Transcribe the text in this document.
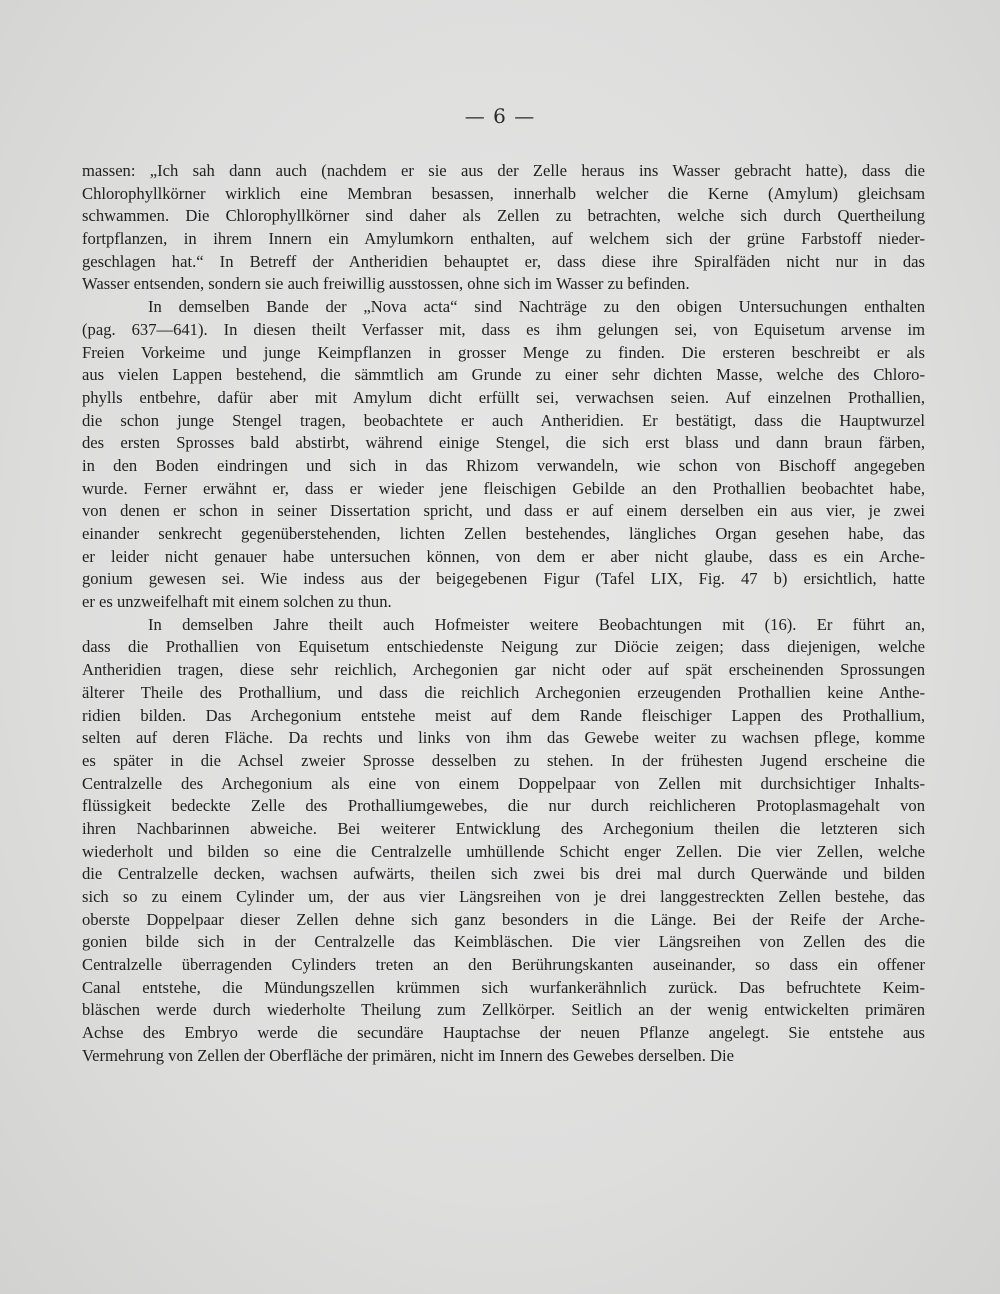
— 6 —
massen: „Ich sah dann auch (nachdem er sie aus der Zelle heraus ins Wasser gebracht hatte), dass die
Chlorophyllkörner wirklich eine Membran besassen, innerhalb welcher die Kerne (Amylum) gleichsam
schwammen. Die Chlorophyllkörner sind daher als Zellen zu betrachten, welche sich durch Quertheilung
fortpflanzen, in ihrem Innern ein Amylumkorn enthalten, auf welchem sich der grüne Farbstoff nieder-
geschlagen hat.“ In Betreff der Antheridien behauptet er, dass diese ihre Spiralfäden nicht nur in das
Wasser entsenden, sondern sie auch freiwillig ausstossen, ohne sich im Wasser zu befinden.
In demselben Bande der „Nova acta“ sind Nachträge zu den obigen Untersuchungen enthalten
(pag. 637—641). In diesen theilt Verfasser mit, dass es ihm gelungen sei, von Equisetum arvense im
Freien Vorkeime und junge Keimpflanzen in grosser Menge zu finden. Die ersteren beschreibt er als
aus vielen Lappen bestehend, die sämmtlich am Grunde zu einer sehr dichten Masse, welche des Chloro-
phylls entbehre, dafür aber mit Amylum dicht erfüllt sei, verwachsen seien. Auf einzelnen Prothallien,
die schon junge Stengel tragen, beobachtete er auch Antheridien. Er bestätigt, dass die Hauptwurzel
des ersten Sprosses bald abstirbt, während einige Stengel, die sich erst blass und dann braun färben,
in den Boden eindringen und sich in das Rhizom verwandeln, wie schon von Bischoff angegeben
wurde. Ferner erwähnt er, dass er wieder jene fleischigen Gebilde an den Prothallien beobachtet habe,
von denen er schon in seiner Dissertation spricht, und dass er auf einem derselben ein aus vier, je zwei
einander senkrecht gegenüberstehenden, lichten Zellen bestehendes, längliches Organ gesehen habe, das
er leider nicht genauer habe untersuchen können, von dem er aber nicht glaube, dass es ein Arche-
gonium gewesen sei. Wie indess aus der beigegebenen Figur (Tafel LIX, Fig. 47 b) ersichtlich, hatte
er es unzweifelhaft mit einem solchen zu thun.
In demselben Jahre theilt auch Hofmeister weitere Beobachtungen mit (16). Er führt an,
dass die Prothallien von Equisetum entschiedenste Neigung zur Diöcie zeigen; dass diejenigen, welche
Antheridien tragen, diese sehr reichlich, Archegonien gar nicht oder auf spät erscheinenden Sprossungen
älterer Theile des Prothallium, und dass die reichlich Archegonien erzeugenden Prothallien keine Anthe-
ridien bilden. Das Archegonium entstehe meist auf dem Rande fleischiger Lappen des Prothallium,
selten auf deren Fläche. Da rechts und links von ihm das Gewebe weiter zu wachsen pflege, komme
es später in die Achsel zweier Sprosse desselben zu stehen. In der frühesten Jugend erscheine die
Centralzelle des Archegonium als eine von einem Doppelpaar von Zellen mit durchsichtiger Inhalts-
flüssigkeit bedeckte Zelle des Prothalliumgewebes, die nur durch reichlicheren Protoplasmagehalt von
ihren Nachbarinnen abweiche. Bei weiterer Entwicklung des Archegonium theilen die letzteren sich
wiederholt und bilden so eine die Centralzelle umhüllende Schicht enger Zellen. Die vier Zellen, welche
die Centralzelle decken, wachsen aufwärts, theilen sich zwei bis drei mal durch Querwände und bilden
sich so zu einem Cylinder um, der aus vier Längsreihen von je drei langgestreckten Zellen bestehe, das
oberste Doppelpaar dieser Zellen dehne sich ganz besonders in die Länge. Bei der Reife der Arche-
gonien bilde sich in der Centralzelle das Keimbläschen. Die vier Längsreihen von Zellen des die
Centralzelle überragenden Cylinders treten an den Berührungskanten auseinander, so dass ein offener
Canal entstehe, die Mündungszellen krümmen sich wurfankerähnlich zurück. Das befruchtete Keim-
bläschen werde durch wiederholte Theilung zum Zellkörper. Seitlich an der wenig entwickelten primären
Achse des Embryo werde die secundäre Hauptachse der neuen Pflanze angelegt. Sie entstehe aus
Vermehrung von Zellen der Oberfläche der primären, nicht im Innern des Gewebes derselben. Die
